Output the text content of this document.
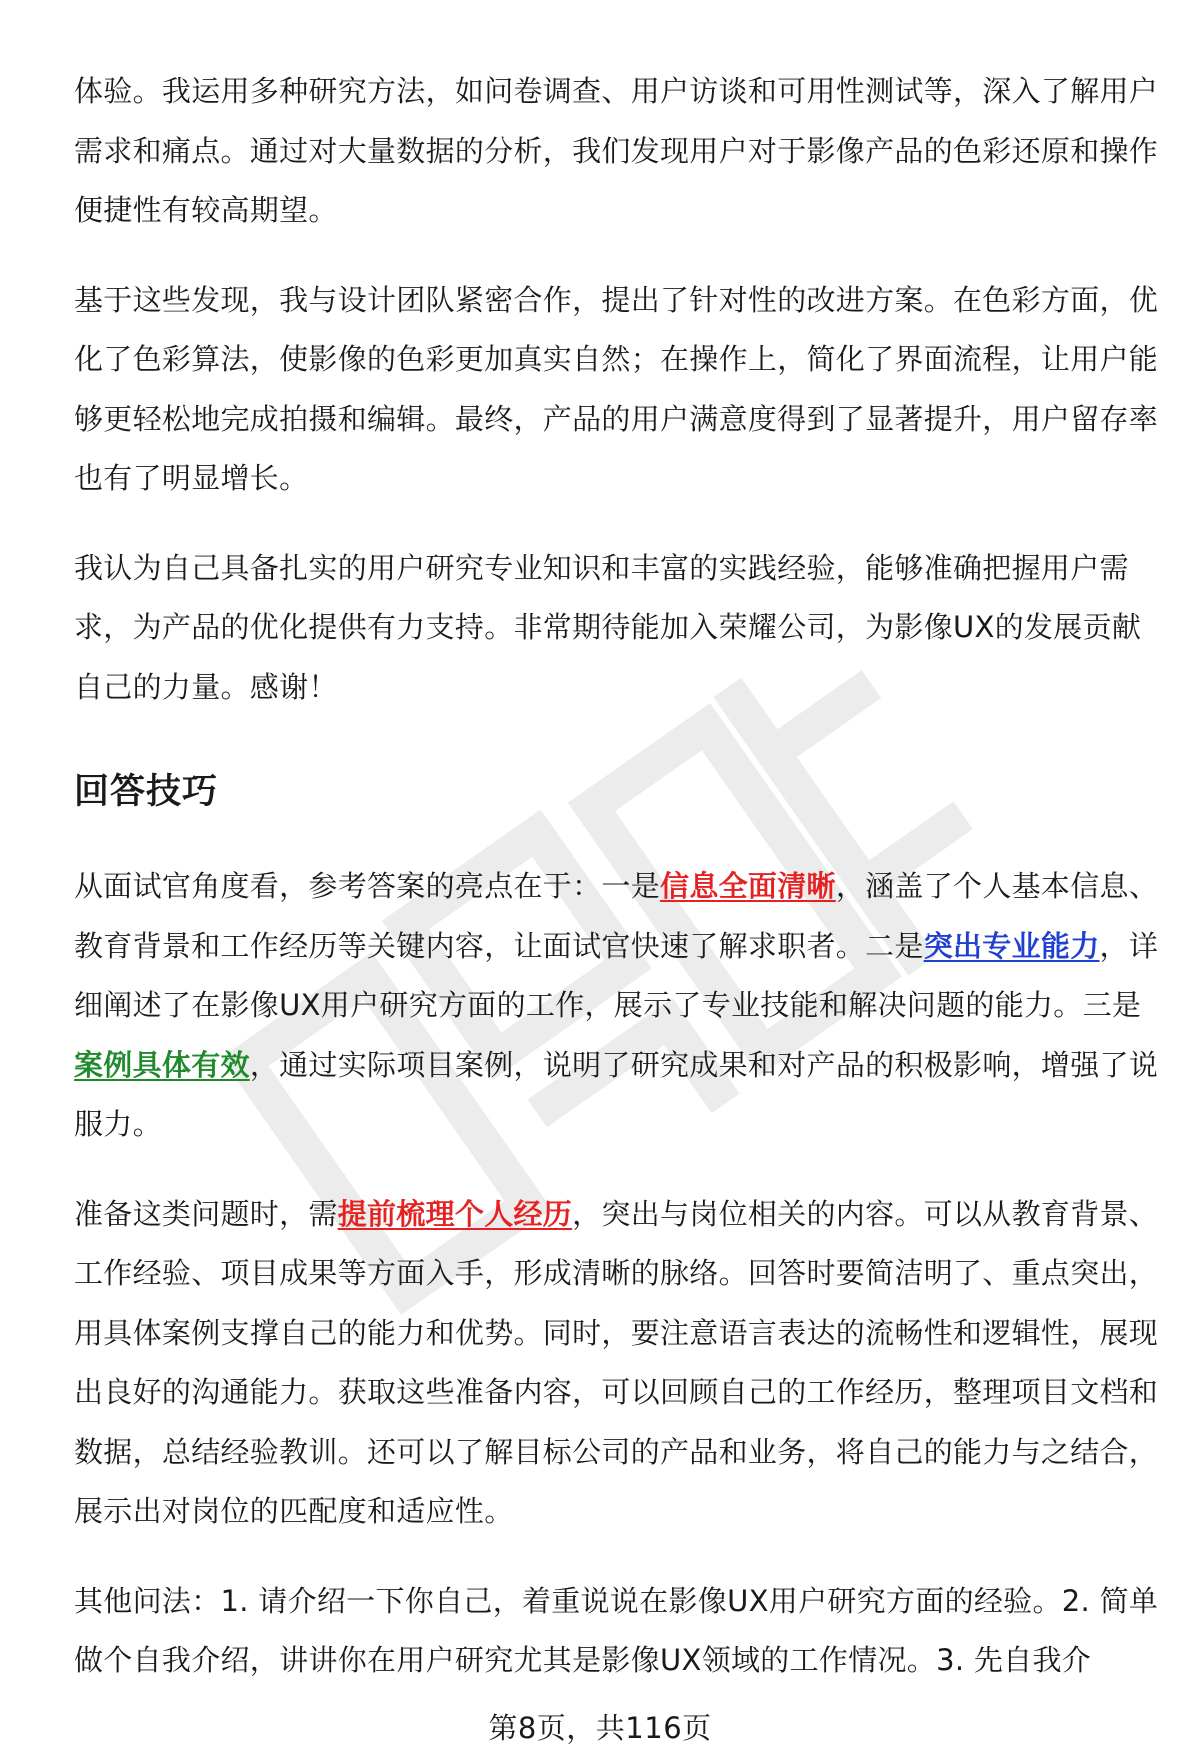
体验。我运用多种研究方法，如问卷调查、用户访谈和可用性测试等，深入了解用户需求和痛点。通过对大量数据的分析，我们发现用户对于影像产品的色彩还原和操作便捷性有较高期望。

基于这些发现，我与设计团队紧密合作，提出了针对性的改进方案。在色彩方面，优化了色彩算法，使影像的色彩更加真实自然；在操作上，简化了界面流程，让用户能够更轻松地完成拍摄和编辑。最终，产品的用户满意度得到了显著提升，用户留存率也有了明显增长。

我认为自己具备扎实的用户研究专业知识和丰富的实践经验，能够准确把握用户需求，为产品的优化提供有力支持。非常期待能加入荣耀公司，为影像UX的发展贡献自己的力量。感谢！

回答技巧

从面试官角度看，参考答案的亮点在于：一是信息全面清晰，涵盖了个人基本信息、教育背景和工作经历等关键内容，让面试官快速了解求职者。二是突出专业能力，详细阐述了在影像UX用户研究方面的工作，展示了专业技能和解决问题的能力。三是案例具体有效，通过实际项目案例，说明了研究成果和对产品的积极影响，增强了说服力。

准备这类问题时，需提前梳理个人经历，突出与岗位相关的内容。可以从教育背景、工作经验、项目成果等方面入手，形成清晰的脉络。回答时要简洁明了、重点突出，用具体案例支撑自己的能力和优势。同时，要注意语言表达的流畅性和逻辑性，展现出良好的沟通能力。获取这些准备内容，可以回顾自己的工作经历，整理项目文档和数据，总结经验教训。还可以了解目标公司的产品和业务，将自己的能力与之结合，展示出对岗位的匹配度和适应性。

其他问法：1. 请介绍一下你自己，着重说说在影像UX用户研究方面的经验。2. 简单做个自我介绍，讲讲你在用户研究尤其是影像UX领域的工作情况。3. 先自我介

第8页，共116页
